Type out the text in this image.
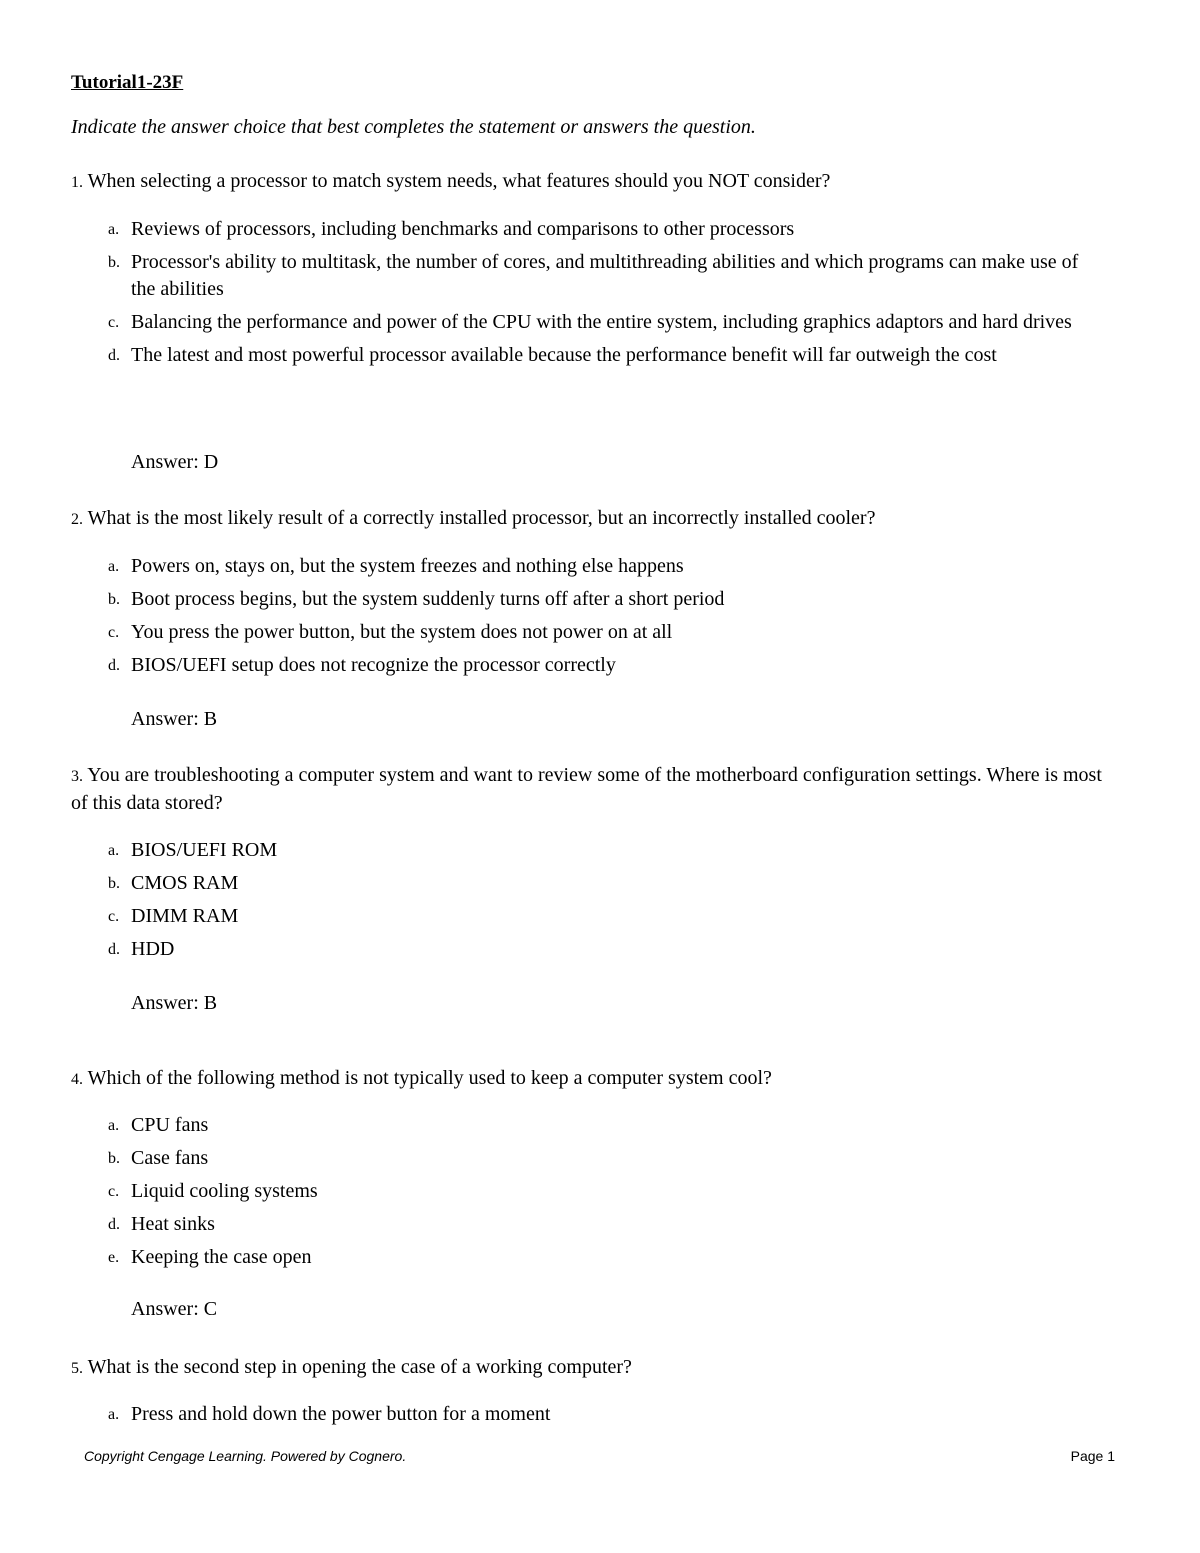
Tutorial1-23F
Indicate the answer choice that best completes the statement or answers the question.
1. When selecting a processor to match system needs, what features should you NOT consider?
a. Reviews of processors, including benchmarks and comparisons to other processors
b. Processor's ability to multitask, the number of cores, and multithreading abilities and which programs can make use of the abilities
c. Balancing the performance and power of the CPU with the entire system, including graphics adaptors and hard drives
d. The latest and most powerful processor available because the performance benefit will far outweigh the cost
Answer: D
2. What is the most likely result of a correctly installed processor, but an incorrectly installed cooler?
a. Powers on, stays on, but the system freezes and nothing else happens
b. Boot process begins, but the system suddenly turns off after a short period
c. You press the power button, but the system does not power on at all
d. BIOS/UEFI setup does not recognize the processor correctly
Answer: B
3. You are troubleshooting a computer system and want to review some of the motherboard configuration settings. Where is most of this data stored?
a. BIOS/UEFI ROM
b. CMOS RAM
c. DIMM RAM
d. HDD
Answer: B
4. Which of the following method is not typically used to keep a computer system cool?
a. CPU fans
b. Case fans
c. Liquid cooling systems
d. Heat sinks
e. Keeping the case open
Answer: C
5. What is the second step in opening the case of a working computer?
a. Press and hold down the power button for a moment
Copyright Cengage Learning. Powered by Cognero.	Page 1
